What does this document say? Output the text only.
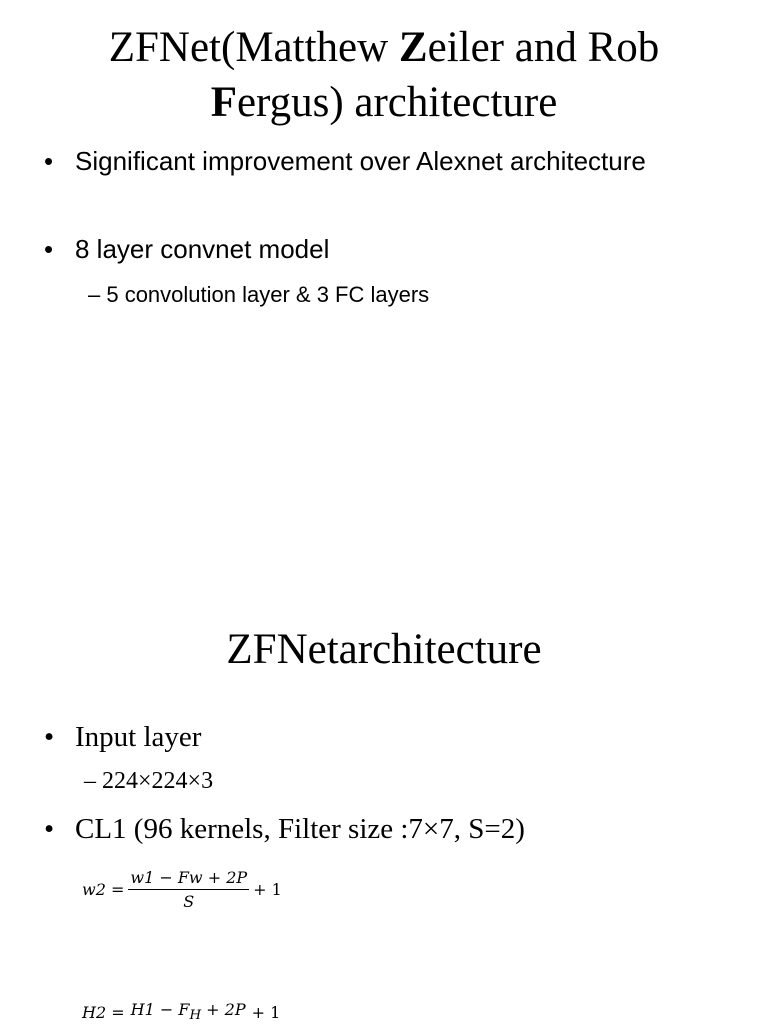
ZFNet(Matthew Zeiler and Rob
Fergus) architecture
• Significant improvement over Alexnet architecture
• 8 layer convnet model
– 5 convolution layer & 3 FC layers
ZFNetarchitecture
• Input layer
– 224×224×3
• CL1 (96 kernels, Filter size :7×7, S=2)
$w2 = \frac{w1 - Fw + 2P}{S} + 1$
$H2 = H1 - F_H + 2P + 1$
